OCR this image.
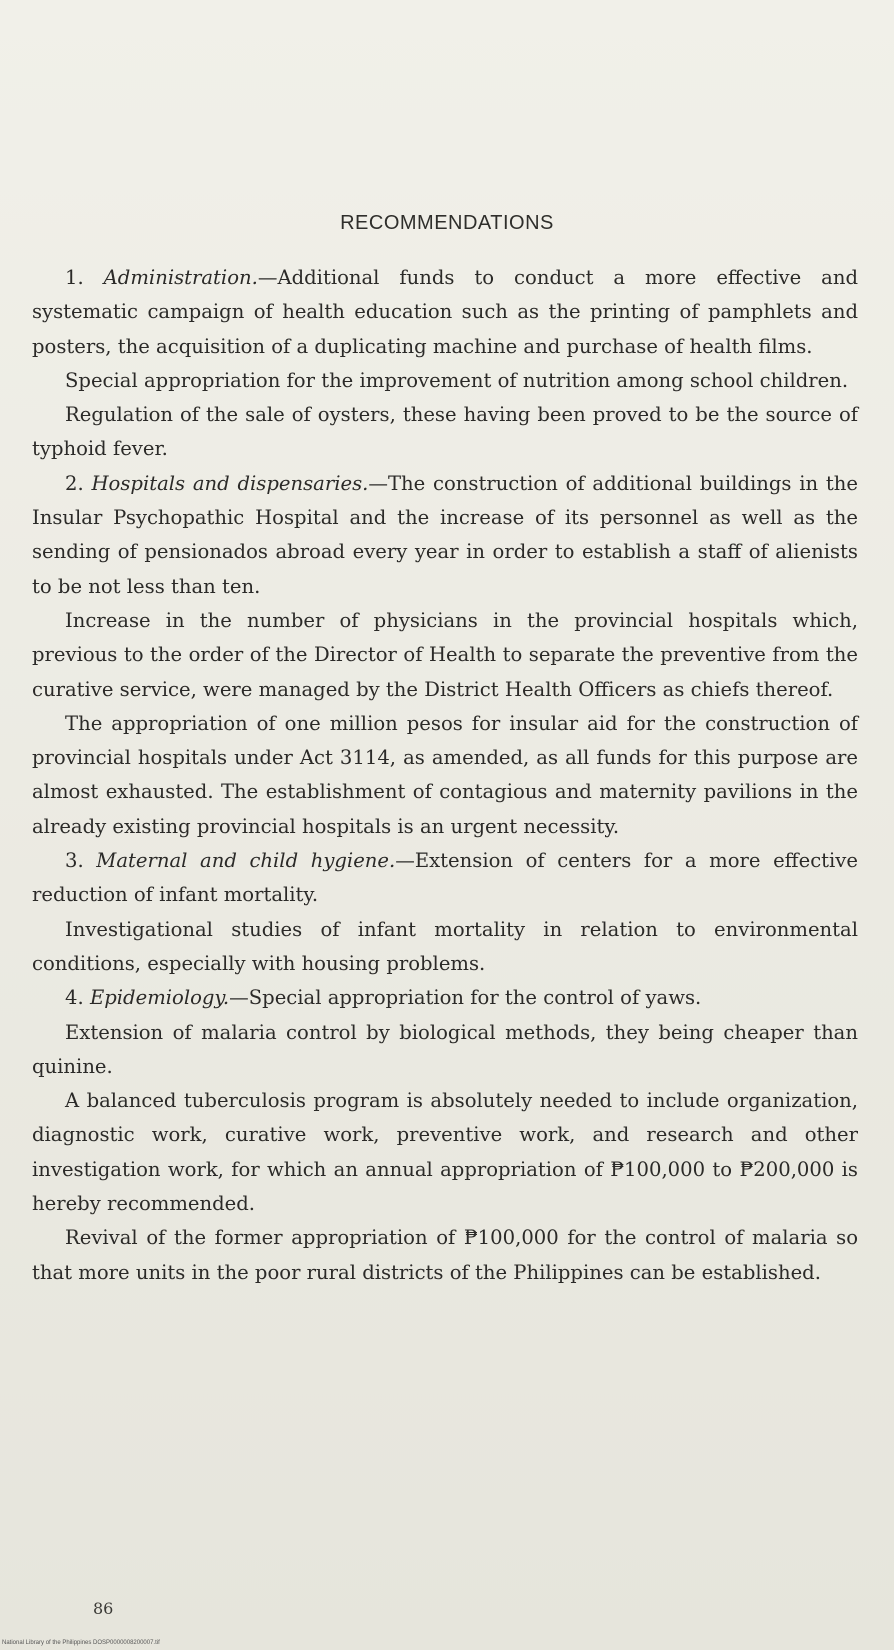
RECOMMENDATIONS

1. Administration.—Additional funds to conduct a more effective and systematic campaign of health education such as the printing of pamphlets and posters, the acquisition of a duplicating machine and purchase of health films.

Special appropriation for the improvement of nutrition among school children.

Regulation of the sale of oysters, these having been proved to be the source of typhoid fever.

2. Hospitals and dispensaries.—The construction of additional buildings in the Insular Psychopathic Hospital and the increase of its personnel as well as the sending of pensionados abroad every year in order to establish a staff of alienists to be not less than ten.

Increase in the number of physicians in the provincial hospitals which, previous to the order of the Director of Health to separate the preventive from the curative service, were managed by the District Health Officers as chiefs thereof.

The appropriation of one million pesos for insular aid for the construction of provincial hospitals under Act 3114, as amended, as all funds for this purpose are almost exhausted. The establishment of contagious and maternity pavilions in the already existing provincial hospitals is an urgent necessity.

3. Maternal and child hygiene.—Extension of centers for a more effective reduction of infant mortality.

Investigational studies of infant mortality in relation to environmental conditions, especially with housing problems.

4. Epidemiology.—Special appropriation for the control of yaws.

Extension of malaria control by biological methods, they being cheaper than quinine.

A balanced tuberculosis program is absolutely needed to include organization, diagnostic work, curative work, preventive work, and research and other investigation work, for which an annual appropriation of ₱100,000 to ₱200,000 is hereby recommended.

Revival of the former appropriation of ₱100,000 for the control of malaria so that more units in the poor rural districts of the Philippines can be established.

86
National Library of the Philippines DOSP0000008200007.tif
